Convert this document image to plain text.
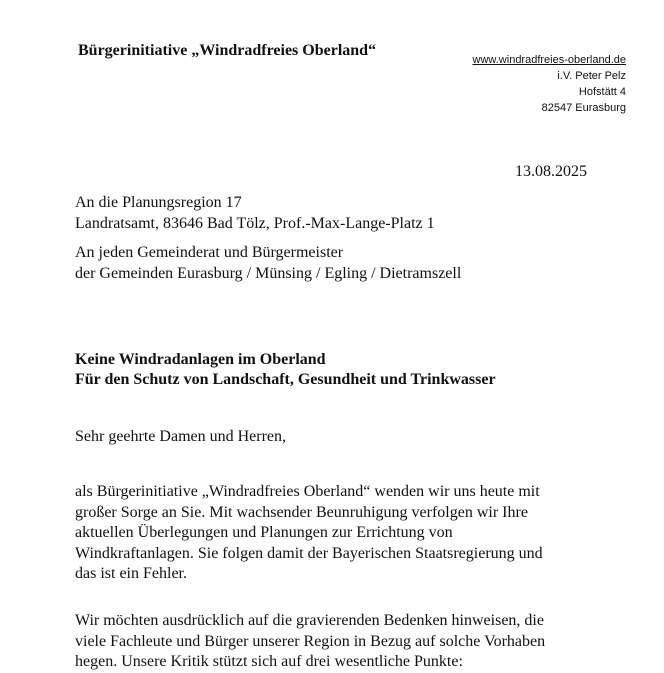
Bürgerinitiative „Windradfreies Oberland“
www.windradfreies-oberland.de
i.V. Peter Pelz
Hofstätt 4
82547 Eurasburg
13.08.2025
An die Planungsregion 17
Landratsamt, 83646 Bad Tölz, Prof.-Max-Lange-Platz 1
An jeden Gemeinderat und Bürgermeister
der Gemeinden Eurasburg / Münsing / Egling / Dietramszell
Keine Windradanlagen im Oberland
Für den Schutz von Landschaft, Gesundheit und Trinkwasser
Sehr geehrte Damen und Herren,
als Bürgerinitiative „Windradfreies Oberland“ wenden wir uns heute mit
großer Sorge an Sie. Mit wachsender Beunruhigung verfolgen wir Ihre
aktuellen Überlegungen und Planungen zur Errichtung von
Windkraftanlagen. Sie folgen damit der Bayerischen Staatsregierung und
das ist ein Fehler.
Wir möchten ausdrücklich auf die gravierenden Bedenken hinweisen, die
viele Fachleute und Bürger unserer Region in Bezug auf solche Vorhaben
hegen. Unsere Kritik stützt sich auf drei wesentliche Punkte:
